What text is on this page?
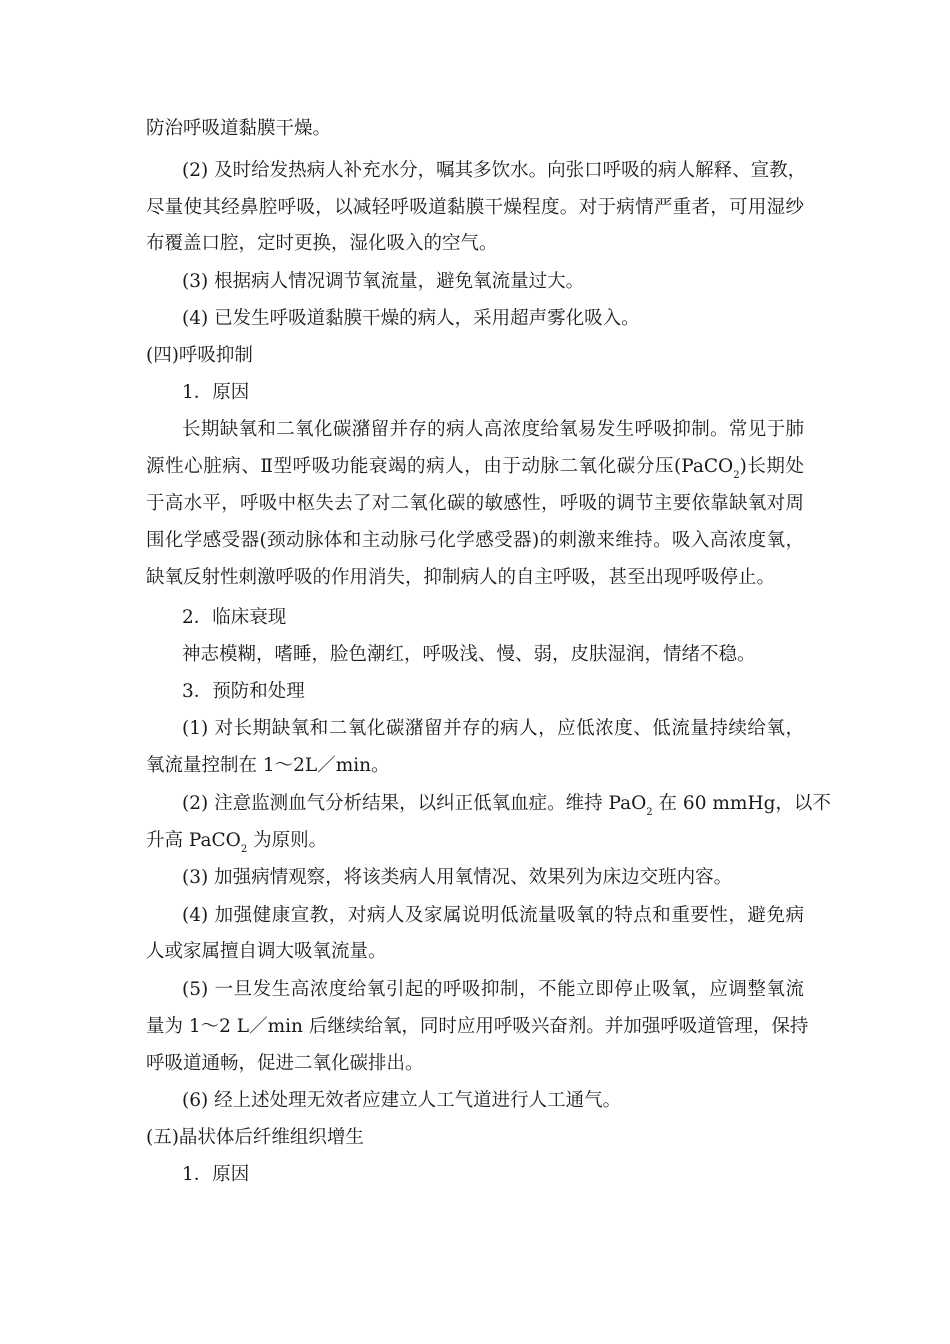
防治呼吸道黏膜干燥。
(2) 及时给发热病人补充水分，嘱其多饮水。向张口呼吸的病人解释、宣教，
尽量使其经鼻腔呼吸，以减轻呼吸道黏膜干燥程度。对于病情严重者，可用湿纱
布覆盖口腔，定时更换，湿化吸入的空气。
(3) 根据病人情况调节氧流量，避免氧流量过大。
(4) 已发生呼吸道黏膜干燥的病人，采用超声雾化吸入。
(四)呼吸抑制
1．原因
长期缺氧和二氧化碳潴留并存的病人高浓度给氧易发生呼吸抑制。常见于肺
源性心脏病、Ⅱ型呼吸功能衰竭的病人，由于动脉二氧化碳分压(PaCO$_2$)长期处
于高水平，呼吸中枢失去了对二氧化碳的敏感性，呼吸的调节主要依靠缺氧对周
围化学感受器(颈动脉体和主动脉弓化学感受器)的刺激来维持。吸入高浓度氧，
缺氧反射性刺激呼吸的作用消失，抑制病人的自主呼吸，甚至出现呼吸停止。
2．临床衰现
神志模糊，嗜睡，脸色潮红，呼吸浅、慢、弱，皮肤湿润，情绪不稳。
3．预防和处理
(1) 对长期缺氧和二氧化碳潴留并存的病人，应低浓度、低流量持续给氧，
氧流量控制在 1～2L／min。
(2) 注意监测血气分析结果，以纠正低氧血症。维持 PaO$_2$ 在 60 mmHg，以不
升高 PaCO$_2$ 为原则。
(3) 加强病情观察，将该类病人用氧情况、效果列为床边交班内容。
(4) 加强健康宣教，对病人及家属说明低流量吸氧的特点和重要性，避免病
人或家属擅自调大吸氧流量。
(5) 一旦发生高浓度给氧引起的呼吸抑制，不能立即停止吸氧，应调整氧流
量为 1～2 L／min 后继续给氧，同时应用呼吸兴奋剂。并加强呼吸道管理，保持
呼吸道通畅，促进二氧化碳排出。
(6) 经上述处理无效者应建立人工气道进行人工通气。
(五)晶状体后纤维组织增生
1．原因
